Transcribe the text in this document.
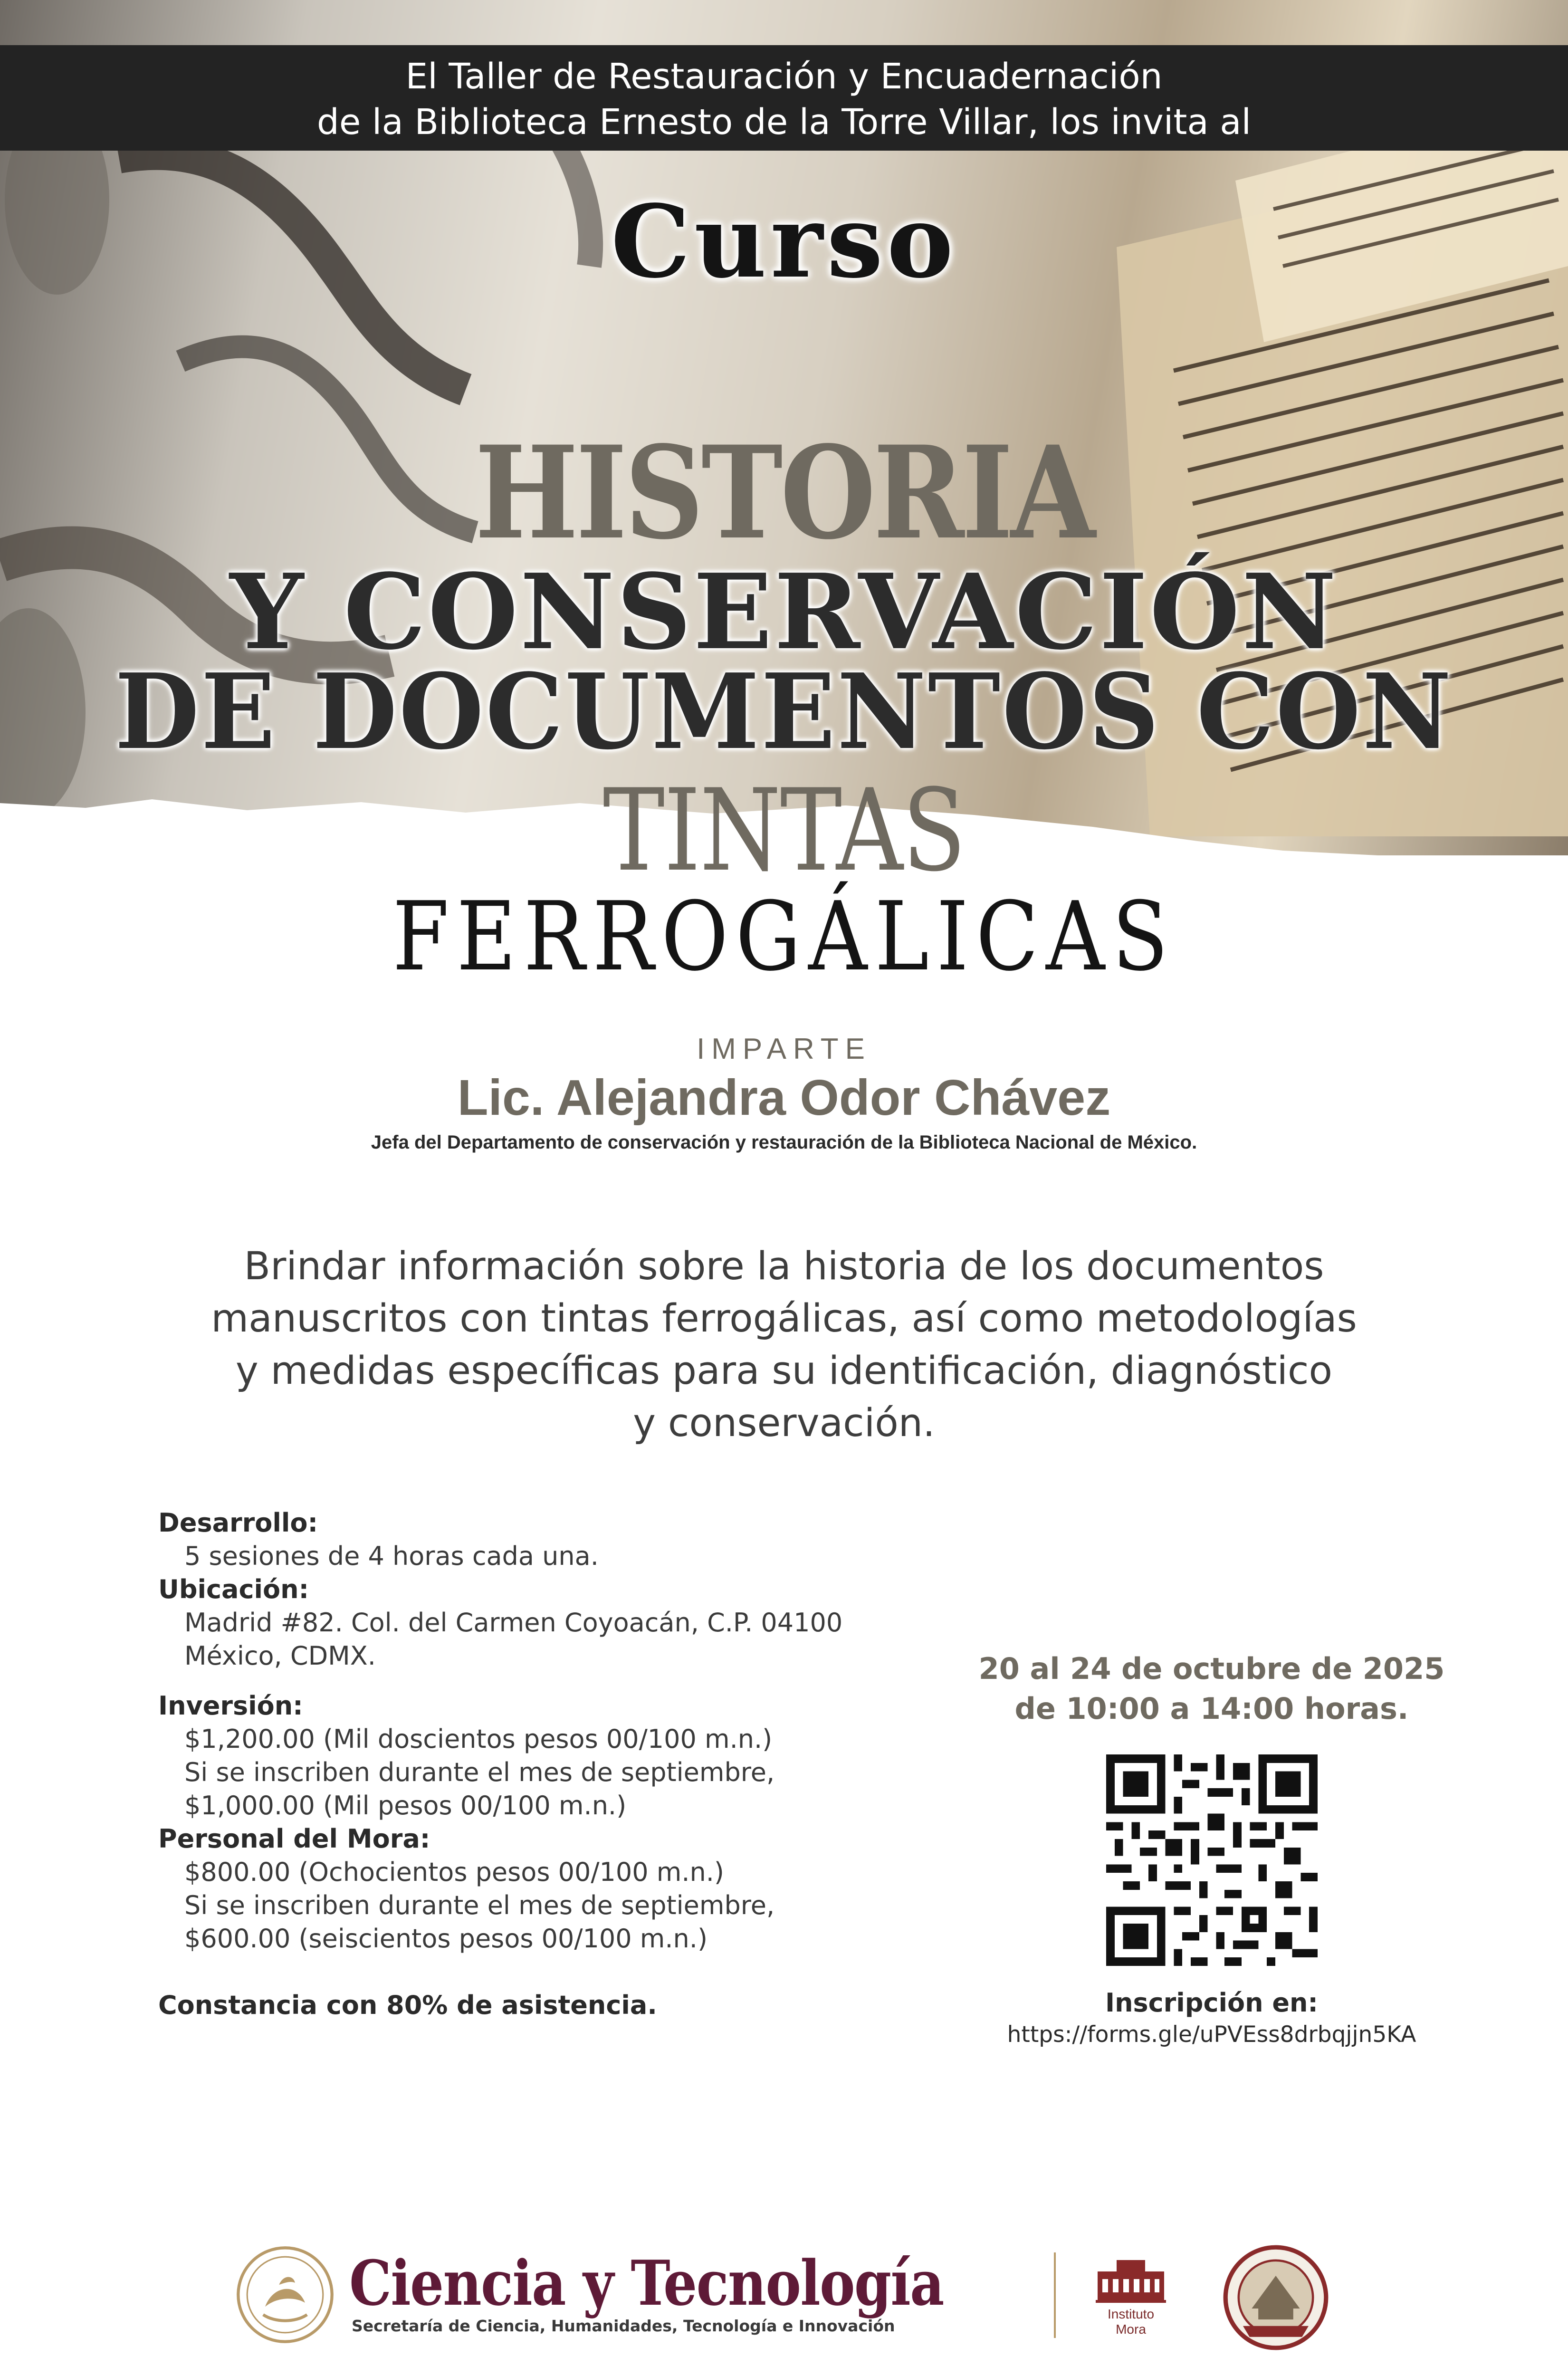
El Taller de Restauración y Encuadernación

de la Biblioteca Ernesto de la Torre Villar, los invita al

Curso
HISTORIA
Y CONSERVACIÓN
DE DOCUMENTOS CON
TINTAS
FERROGÁLICAS
IMPARTE
Lic. Alejandra Odor Chávez
Jefa del Departamento de conservación y restauración de la Biblioteca Nacional de México.
Brindar información sobre la historia de los documentos
manuscritos con tintas ferrogálicas, así como metodologías
y medidas específicas para su identificación, diagnóstico
y conservación.
Desarrollo:
5 sesiones de 4 horas cada una.
Ubicación:
Madrid #82. Col. del Carmen Coyoacán, C.P. 04100
México, CDMX.
Inversión:
$1,200.00 (Mil doscientos pesos 00/100 m.n.)
Si se inscriben durante el mes de septiembre,
$1,000.00 (Mil pesos 00/100 m.n.)
Personal del Mora:
$800.00 (Ochocientos pesos 00/100 m.n.)
Si se inscriben durante el mes de septiembre,
$600.00 (seiscientos pesos 00/100 m.n.)
Constancia con 80% de asistencia.
20 al 24 de octubre de 2025
de 10:00 a 14:00 horas.
Inscripción en:
https://forms.gle/uPVEss8drbqjjn5KA
Ciencia y Tecnología
Secretaría de Ciencia, Humanidades, Tecnología e Innovación
Instituto
Mora
